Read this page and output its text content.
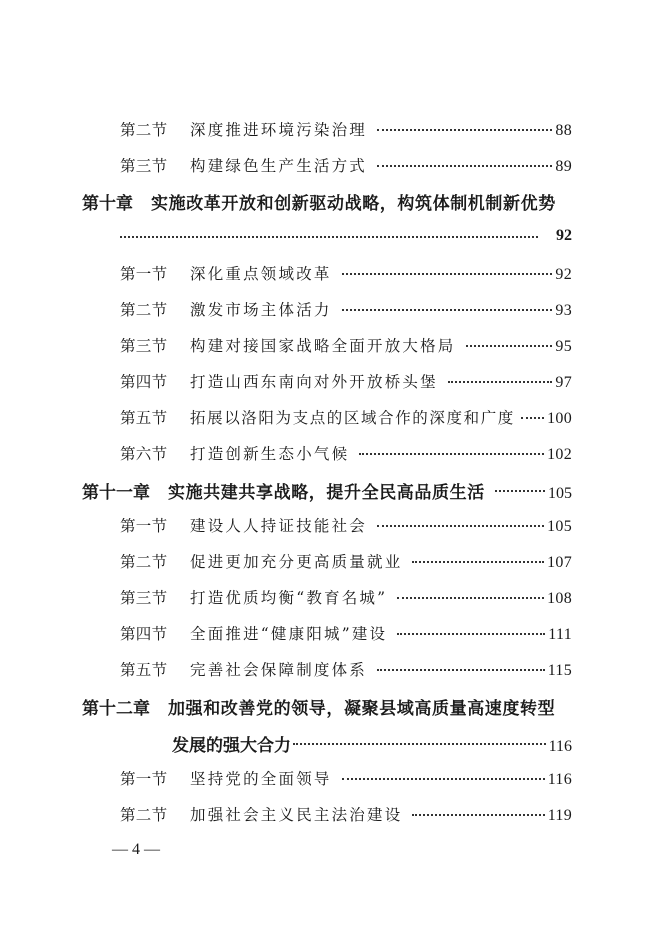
第二节	深度推进环境污染治理	88
第三节	构建绿色生产生活方式	89
第十章 实施改革开放和创新驱动战略，构筑体制机制新优势
92
第一节	深化重点领域改革	92
第二节	激发市场主体活力	93
第三节	构建对接国家战略全面开放大格局	95
第四节	打造山西东南向对外开放桥头堡	97
第五节	拓展以洛阳为支点的区域合作的深度和广度 100
第六节	打造创新生态小气候	102
第十一章 实施共建共享战略，提升全民高品质生活	105
第一节	建设人人持证技能社会	105
第二节	促进更加充分更高质量就业	107
第三节	打造优质均衡“教育名城”	108
第四节	全面推进“健康阳城”建设	111
第五节	完善社会保障制度体系	115
第十二章 加强和改善党的领导，凝聚县域高质量高速度转型
发展的强大合力	116
第一节	坚持党的全面领导	116
第二节	加强社会主义民主法治建设	119
— 4 —
